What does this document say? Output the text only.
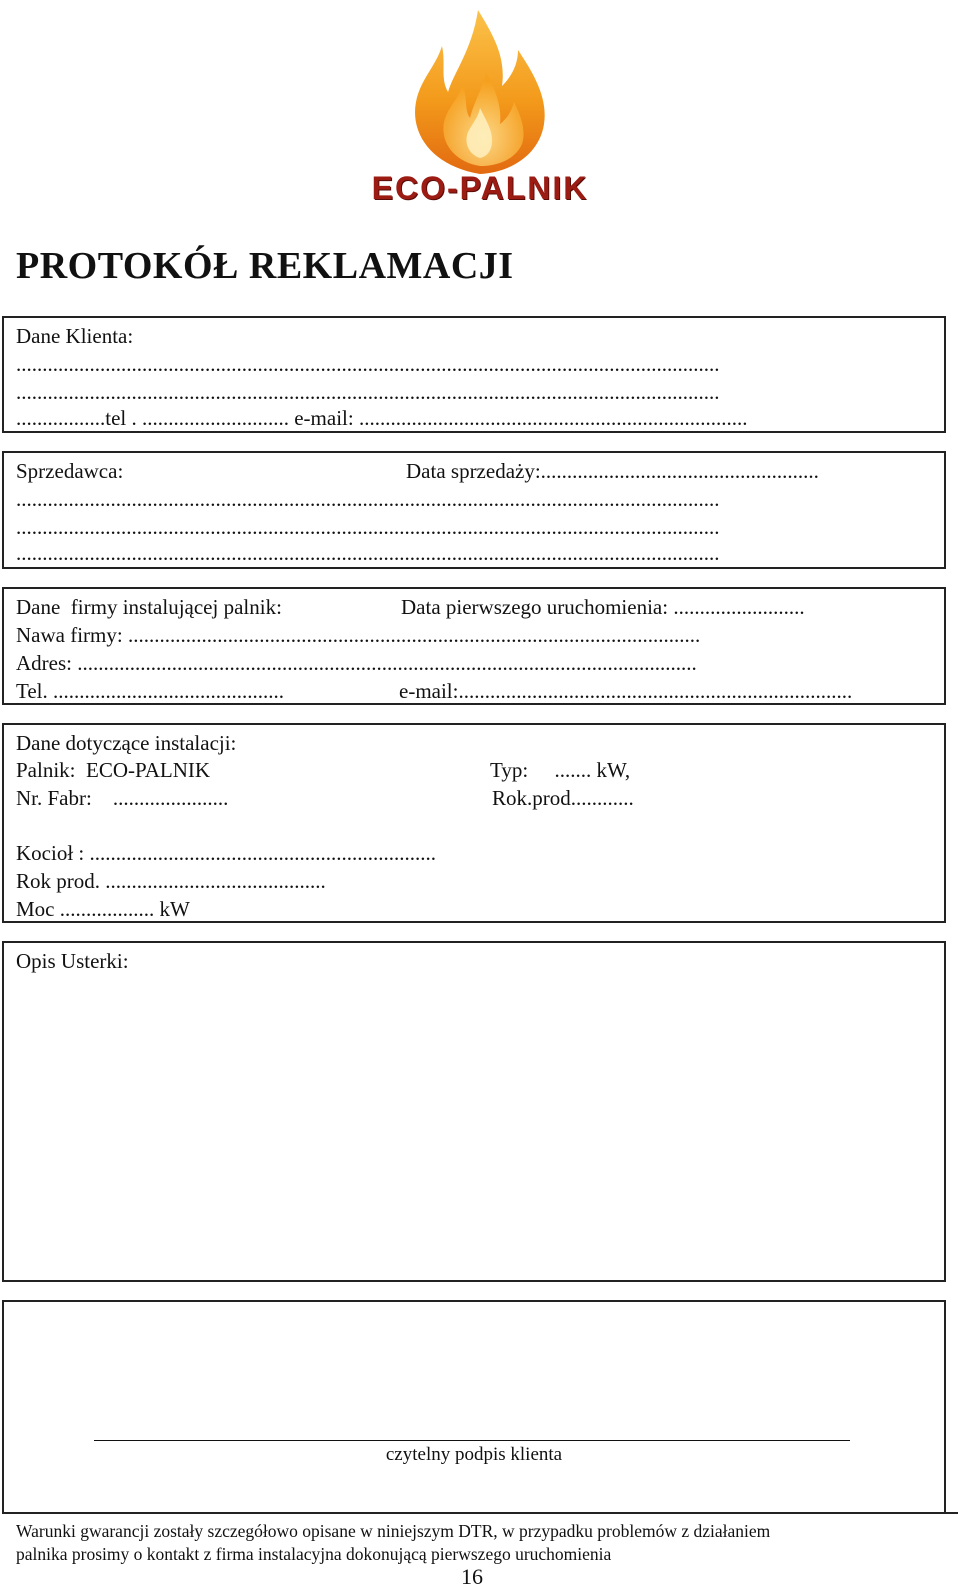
ECO-PALNIK
PROTOKÓŁ REKLAMACJI
Dane Klienta:
......................................................................................................................................
......................................................................................................................................
.................tel . ............................ e-mail: ..........................................................................
Sprzedawca:	Data sprzedaży:.....................................................
......................................................................................................................................
......................................................................................................................................
......................................................................................................................................
Dane  firmy instalującej palnik:	Data pierwszego uruchomienia: .........................
Nawa firmy: .............................................................................................................
Adres: ......................................................................................................................
Tel. ............................................	e-mail:...........................................................................
Dane dotyczące instalacji:
Palnik:  ECO-PALNIK	Typ:     ....... kW,
Nr. Fabr:    ......................	Rok.prod............
Kocioł : ..................................................................
Rok prod. ..........................................
Moc .................. kW
Opis Usterki:
czytelny podpis klienta
Warunki gwarancji zostały szczegółowo opisane w niniejszym DTR, w przypadku problemów z działaniem
palnika prosimy o kontakt z firma instalacyjna dokonującą pierwszego uruchomienia
16
